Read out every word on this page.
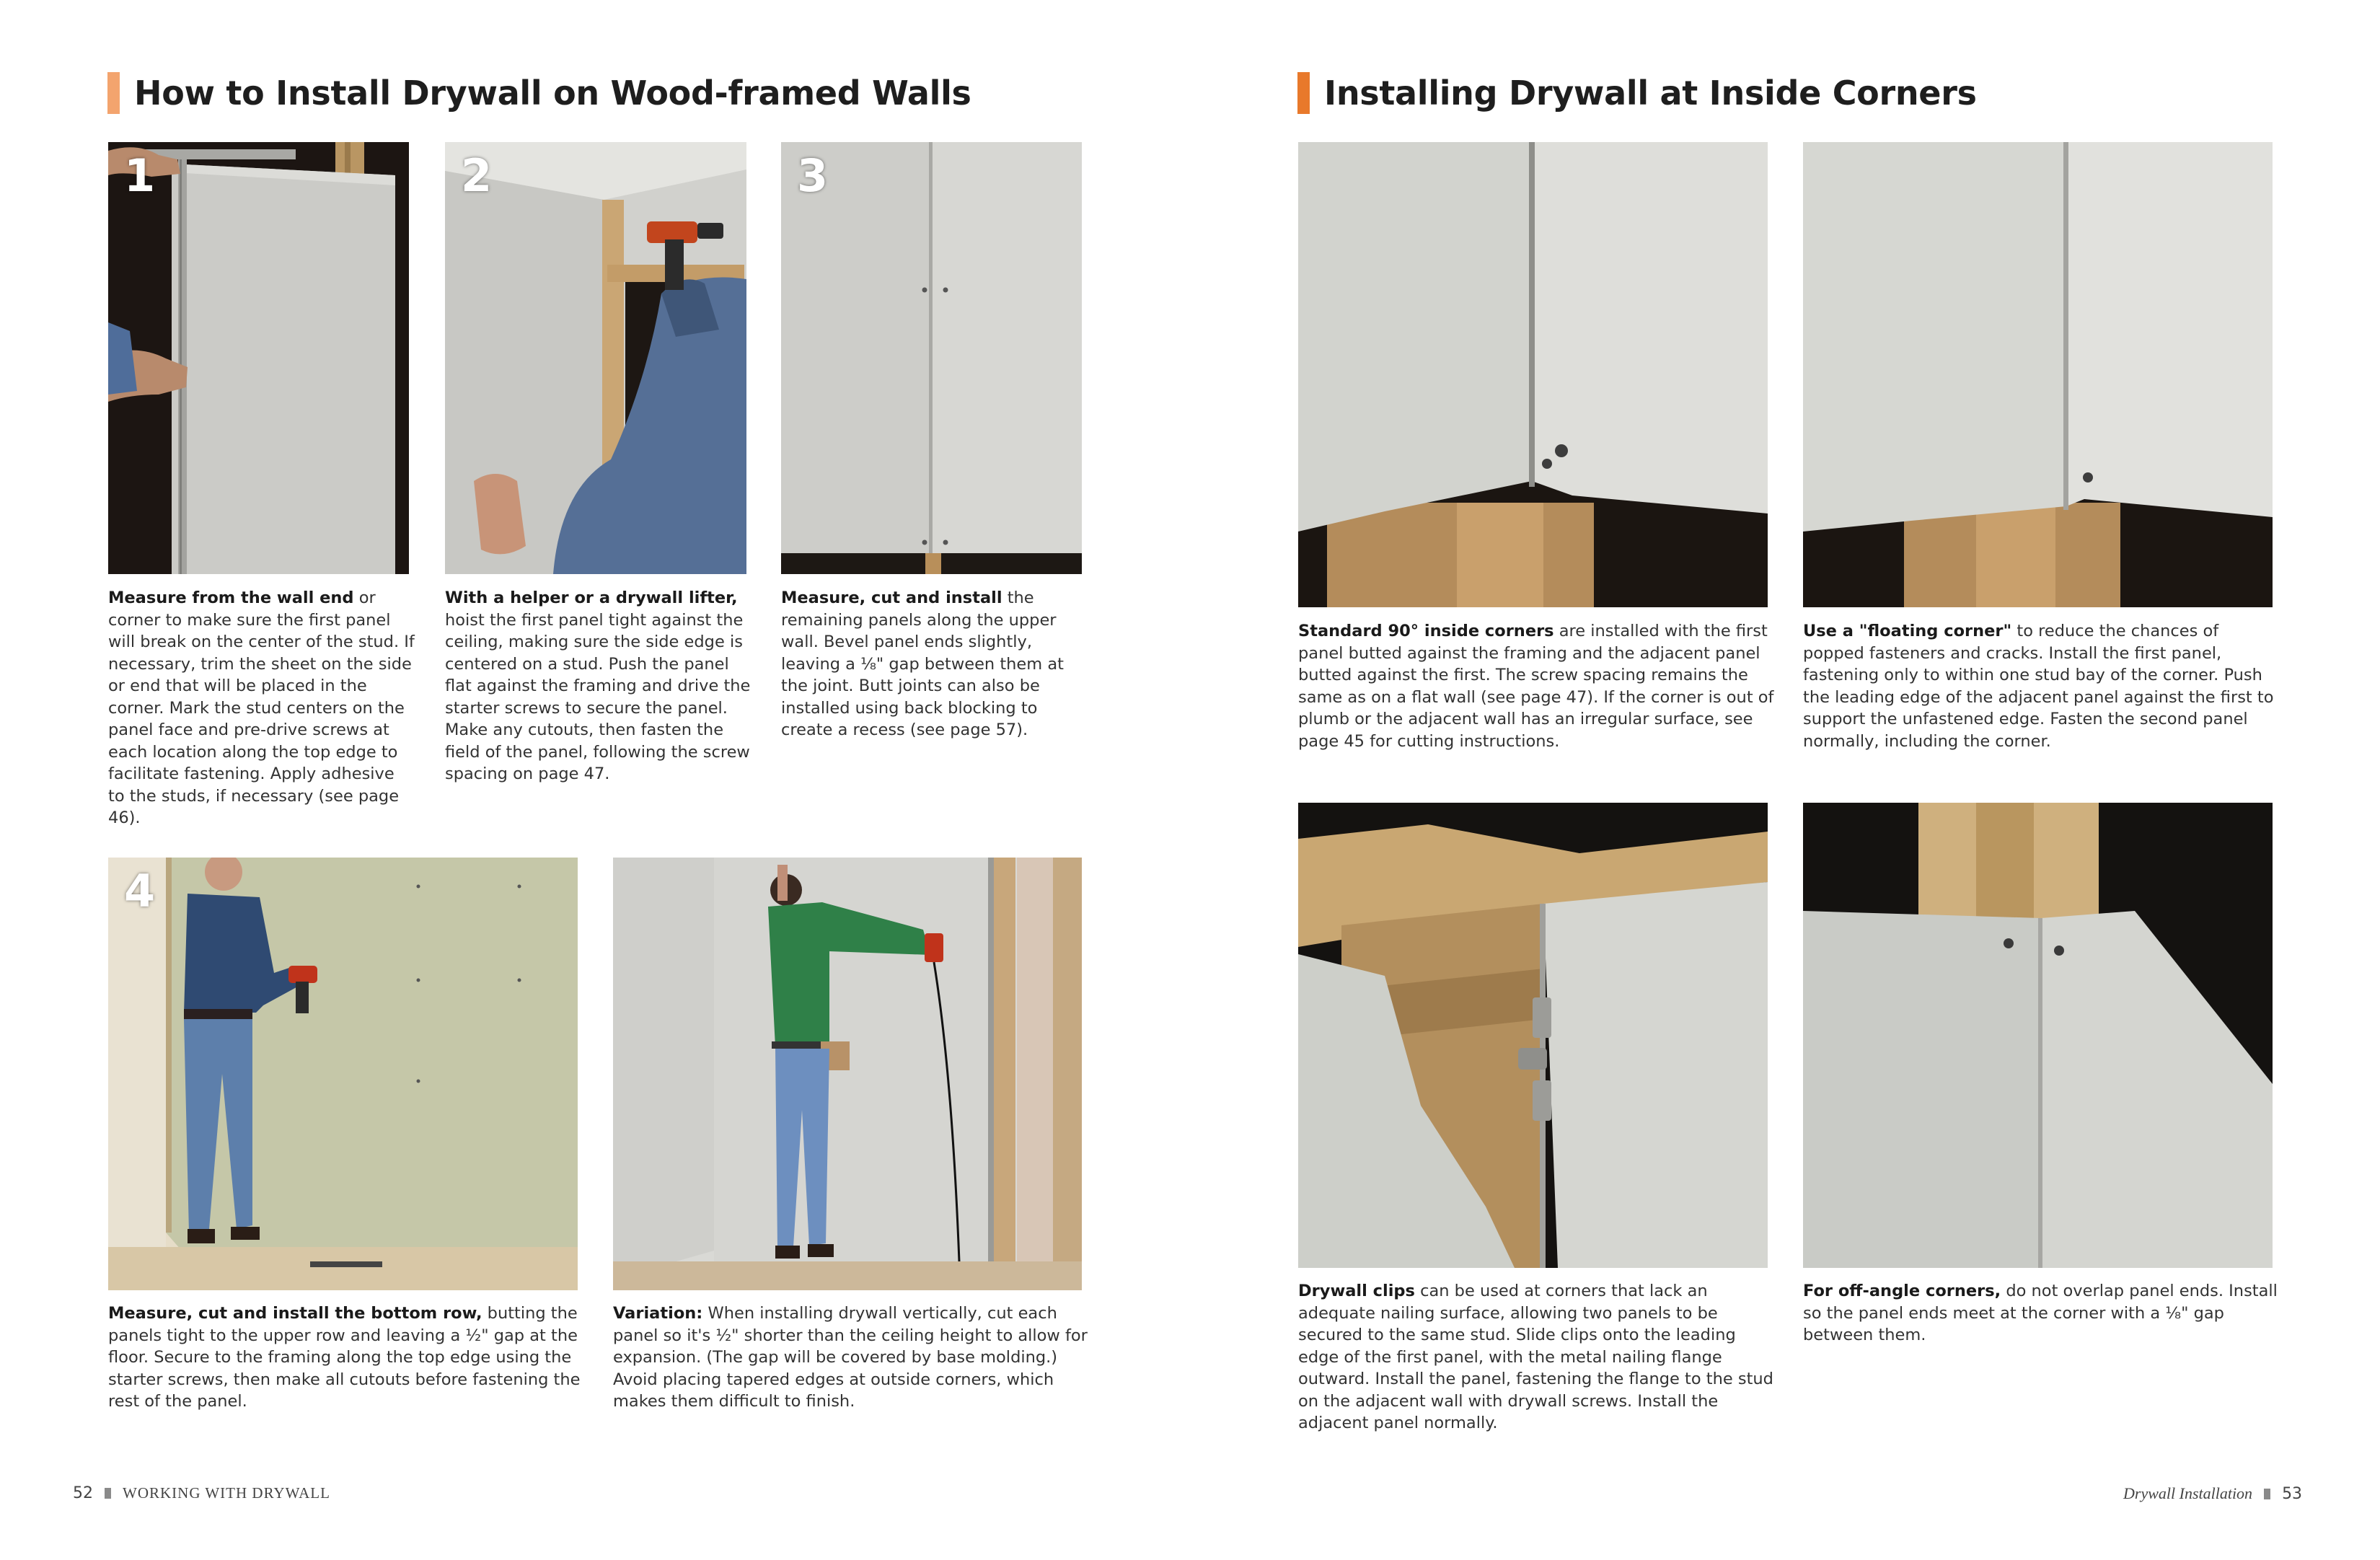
How to Install Drywall on Wood-framed Walls
1
Measure from the wall end or corner to make sure the first panel will break on the center of the stud. If necessary, trim the sheet on the side or end that will be placed in the corner. Mark the stud centers on the panel face and pre-drive screws at each location along the top edge to facilitate fastening. Apply adhesive to the studs, if necessary (see page 46).
2
With a helper or a drywall lifter, hoist the first panel tight against the ceiling, making sure the side edge is centered on a stud. Push the panel flat against the framing and drive the starter screws to secure the panel. Make any cutouts, then fasten the field of the panel, following the screw spacing on page 47.
3
Measure, cut and install the remaining panels along the upper wall. Bevel panel ends slightly, leaving a ⅛" gap between them at the joint. Butt joints can also be installed using back blocking to create a recess (see page 57).
4
Measure, cut and install the bottom row, butting the panels tight to the upper row and leaving a ½" gap at the floor. Secure to the framing along the top edge using the starter screws, then make all cutouts before fastening the rest of the panel.
Variation: When installing drywall vertically, cut each panel so it's ½" shorter than the ceiling height to allow for expansion. (The gap will be covered by base molding.) Avoid placing tapered edges at outside corners, which makes them difficult to finish.
52 WORKING WITH DRYWALL
Installing Drywall at Inside Corners
Standard 90° inside corners are installed with the first panel butted against the framing and the adjacent panel butted against the first. The screw spacing remains the same as on a flat wall (see page 47). If the corner is out of plumb or the adjacent wall has an irregular surface, see page 45 for cutting instructions.
Use a "floating corner" to reduce the chances of popped fasteners and cracks. Install the first panel, fastening only to within one stud bay of the corner. Push the leading edge of the adjacent panel against the first to support the unfastened edge. Fasten the second panel normally, including the corner.
Drywall clips can be used at corners that lack an adequate nailing surface, allowing two panels to be secured to the same stud. Slide clips onto the leading edge of the first panel, with the metal nailing flange outward. Install the panel, fastening the flange to the stud on the adjacent wall with drywall screws. Install the adjacent panel normally.
For off-angle corners, do not overlap panel ends. Install so the panel ends meet at the corner with a ⅛" gap between them.
Drywall Installation 53
